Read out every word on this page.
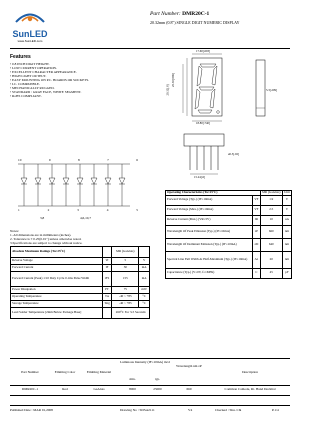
SunLED
www.SunLED.com
Part Number: DMR20C-1
20.32mm (0.8") SINGLE DIGIT NUMERIC DISPLAY
Features
• 0.8 INCH DIGIT HEIGHT.
• LOW CURRENT OPERATION.
• EXCELLENT CHARACTER APPEARANCE.
• HIGH LIGHT OUTPUT.
• EASY MOUNTING ON P.C. BOARDS OR SOCKETS.
• I.C. COMPATIBLE.
• MECHANICALLY RUGGED.
• STANDARD : GRAY FACE, WHITE SEGMENT.
• RoHS COMPLIANT.
17.60[.693]
25.30[.996]
20.32[.8]
18.80[.740]
5.3[.209]
ø0.5[.02]
15.24[.6]
10	9	8	7	6
1	2	3	4	5
3,8	4,6,10,7
Notes:
1. All dimensions are in millimeters (inches).
2. Tolerance is ± 0.25(0.01") unless otherwise noted.
3.Specifications are subject to change without notice.
Operating Characteristics (Ta=25°C)		MR (GaAlAs)	Unit
Forward Voltage (Typ.) (IF=10mA)	VF	1.9	V
Forward Voltage (Max.) (IF=10mA)	VF	2.5	V
Reverse Current (Max.) (VR=5V)	IR	10	uA
Wavelength Of Peak Emission (Typ.) (IF=10mA)	λP	660	nm
Wavelength Of Dominant Emission (Typ.) (IF=10mA)	λD	640	nm
Spectral Line Full Width At Half-Maximum (Typ.) (IF=10mA)	Δλ	20	nm
Capacitance (Typ.) (V=0V, f=1MHz)	C	45	pF
Absolute Maximum Ratings (Ta=25°C)		MR (GaAlAs)	
Reverse Voltage	Vr	5	V
Forward Current	IF	30	mA
Forward Current (Peak) 1/10 Duty Cycle 0.1ms Pulse Width	iFS	155	mA
Power Dissipation	PT	75	mW
Operating Temperature	TA	-40 ~ +85	°C
Storage Temperature	Tstg	-40 ~ +85	°C
Lead Solder Temperature [2mm Below Package Base]		260°C For 3-5 Seconds	
Part Number	Emitting Color	Emitting Material
Luminous Intensity (IF=10mA) mcd
min.	typ.
Wavelength nm λP
Description
DMR20C-1	Red	GaAlAs	8000	25000	660	Common Cathode, Rt. Hand Decimal
Published Date : MAR 01,2008	Drawing No : SDSA2111	V4	Checked : Shu. Chi	P.1/4
